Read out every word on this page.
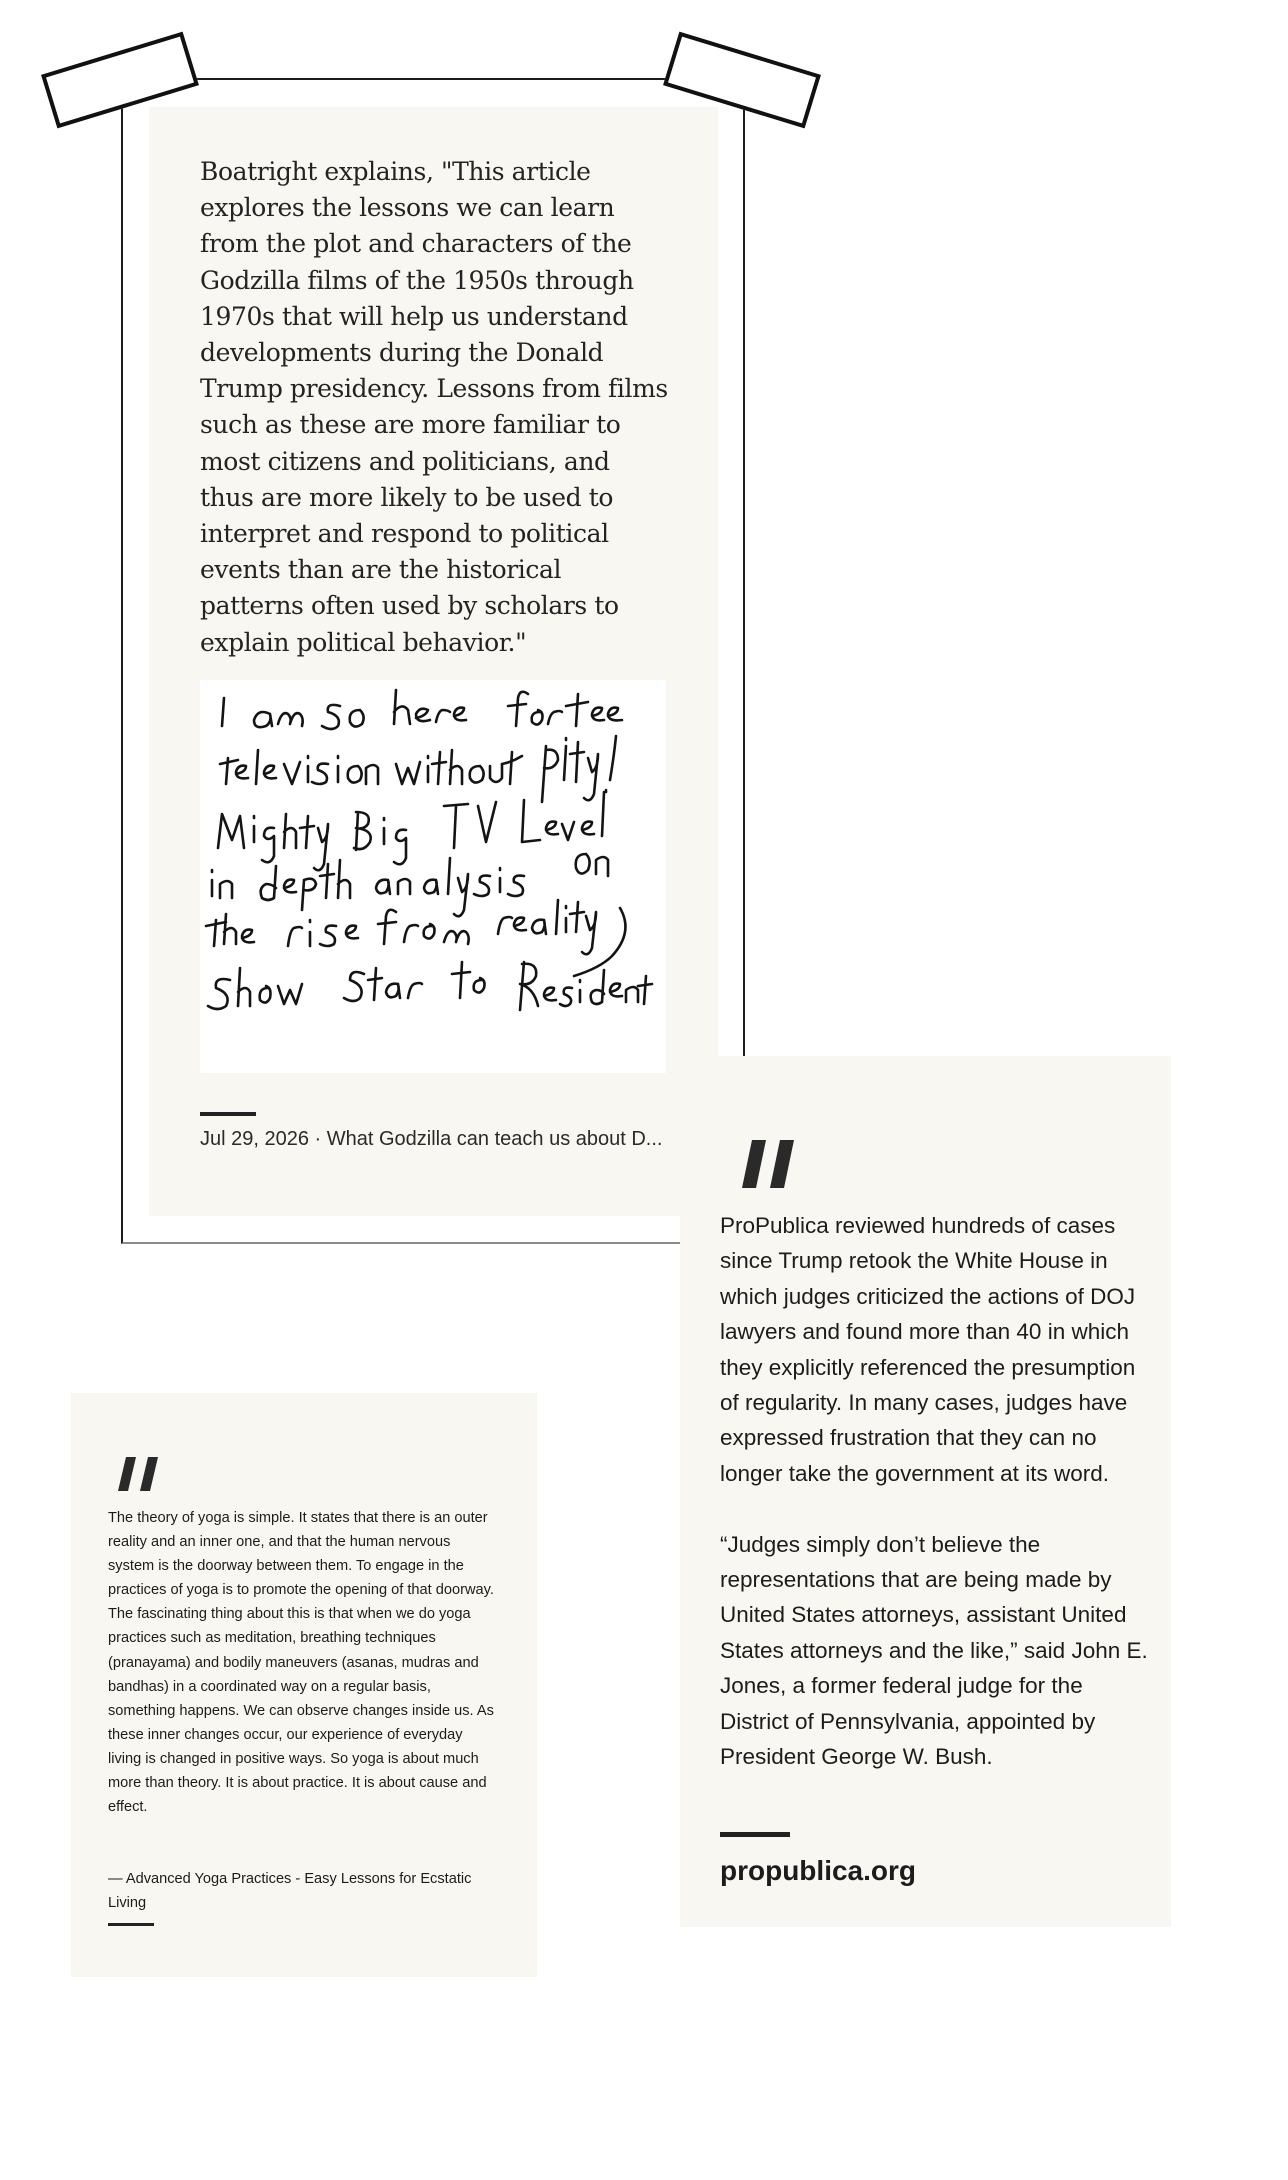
Boatright explains, "This article explores the lessons we can learn from the plot and characters of the Godzilla films of the 1950s through 1970s that will help us understand developments during the Donald Trump presidency. Lessons from films such as these are more familiar to most citizens and politicians, and thus are more likely to be used to interpret and respond to political events than are the historical patterns often used by scholars to explain political behavior."
Jul 29, 2026 · What Godzilla can teach us about D...

ProPublica reviewed hundreds of cases since Trump retook the White House in which judges criticized the actions of DOJ lawyers and found more than 40 in which they explicitly referenced the presumption of regularity. In many cases, judges have expressed frustration that they can no longer take the government at its word.

“Judges simply don’t believe the representations that are being made by United States attorneys, assistant United States attorneys and the like,” said John E. Jones, a former federal judge for the District of Pennsylvania, appointed by President George W. Bush.

propublica.org
The theory of yoga is simple. It states that there is an outer reality and an inner one, and that the human nervous system is the doorway between them. To engage in the practices of yoga is to promote the opening of that doorway. The fascinating thing about this is that when we do yoga practices such as meditation, breathing techniques (pranayama) and bodily maneuvers (asanas, mudras and bandhas) in a coordinated way on a regular basis, something happens. We can observe changes inside us. As these inner changes occur, our experience of everyday living is changed in positive ways. So yoga is about much more than theory. It is about practice. It is about cause and effect.
— Advanced Yoga Practices - Easy Lessons for Ecstatic Living
